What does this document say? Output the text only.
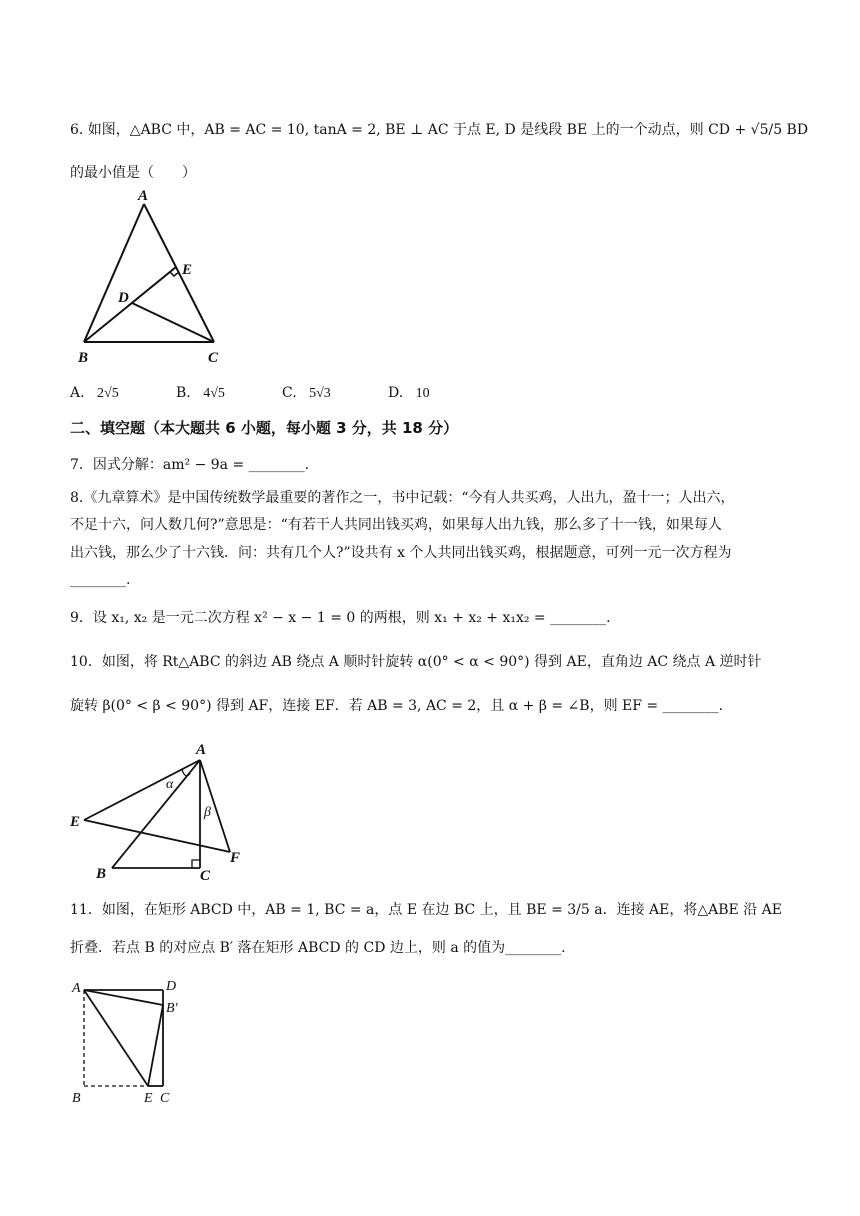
6. 如图，△ABC 中，AB = AC = 10, tanA = 2, BE ⊥ AC 于点 E, D 是线段 BE 上的一个动点，则 CD + √5/5 BD
的最小值是（　　）
A
B	C
D
E
A. 2√5	B. 4√5	C. 5√3	D. 10
二、填空题（本大题共 6 小题，每小题 3 分，共 18 分）
7．因式分解：am² − 9a = ________.
8.《九章算术》是中国传统数学最重要的著作之一，书中记载：“今有人共买鸡，人出九，盈十一；人出六，
不足十六，问人数几何?”意思是：“有若干人共同出钱买鸡，如果每人出九钱，那么多了十一钱，如果每人
出六钱，那么少了十六钱．问：共有几个人?”设共有 x 个人共同出钱买鸡，根据题意，可列一元一次方程为
________.
9．设 x₁, x₂ 是一元二次方程 x² − x − 1 = 0 的两根，则 x₁ + x₂ + x₁x₂ = ________.
10．如图，将 Rt△ABC 的斜边 AB 绕点 A 顺时针旋转 α(0° < α < 90°) 得到 AE，直角边 AC 绕点 A 逆时针
旋转 β(0° < β < 90°) 得到 AF，连接 EF．若 AB = 3, AC = 2，且 α + β = ∠B，则 EF = ________.
A
E
B	C
F
α
β
11．如图，在矩形 ABCD 中，AB = 1, BC = a，点 E 在边 BC 上，且 BE = 3/5 a．连接 AE，将△ABE 沿 AE
折叠．若点 B 的对应点 B′ 落在矩形 ABCD 的 CD 边上，则 a 的值为________.
A	D
B′
B	E C
